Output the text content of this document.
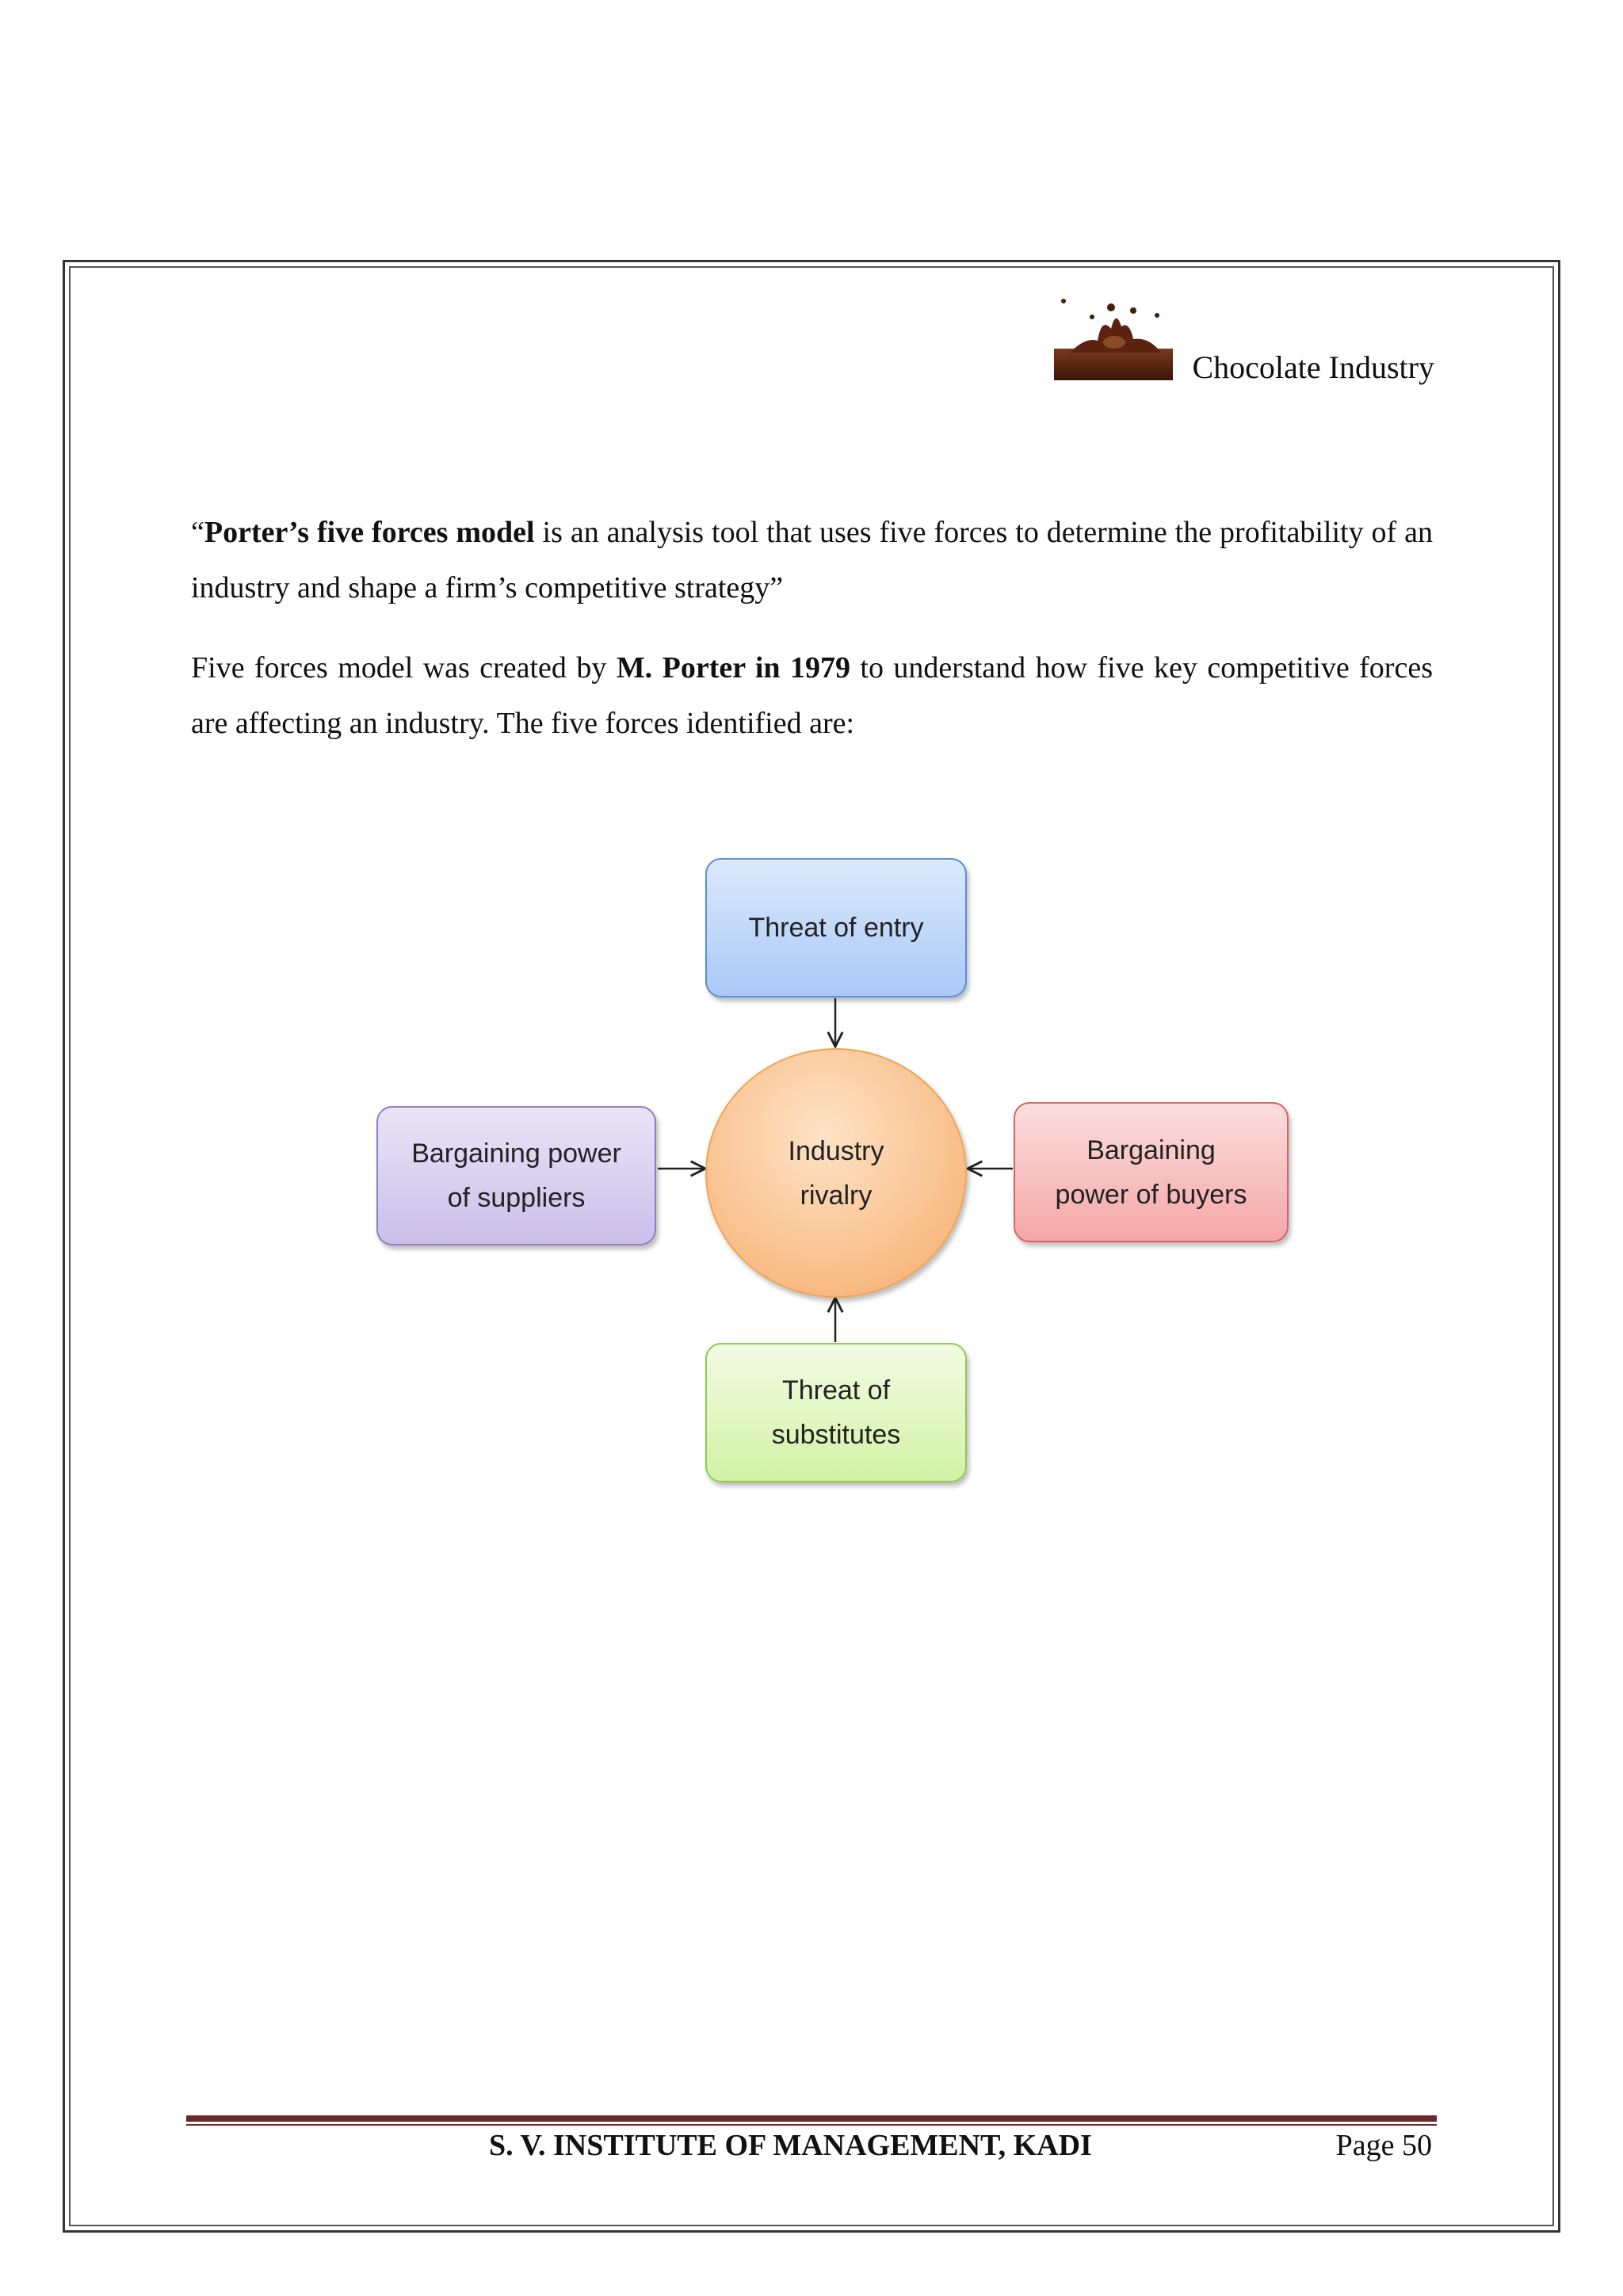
Chocolate Industry

“Porter’s five forces model is an analysis tool that uses five forces to determine the profitability of an industry and shape a firm’s competitive strategy”

Five forces model was created by M. Porter in 1979 to understand how five key competitive forces are affecting an industry. The five forces identified are:

Threat of entry
Bargaining power
of suppliers
Industry
rivalry
Bargaining
power of buyers
Threat of
substitutes
S. V. INSTITUTE OF MANAGEMENT, KADI	Page 50
